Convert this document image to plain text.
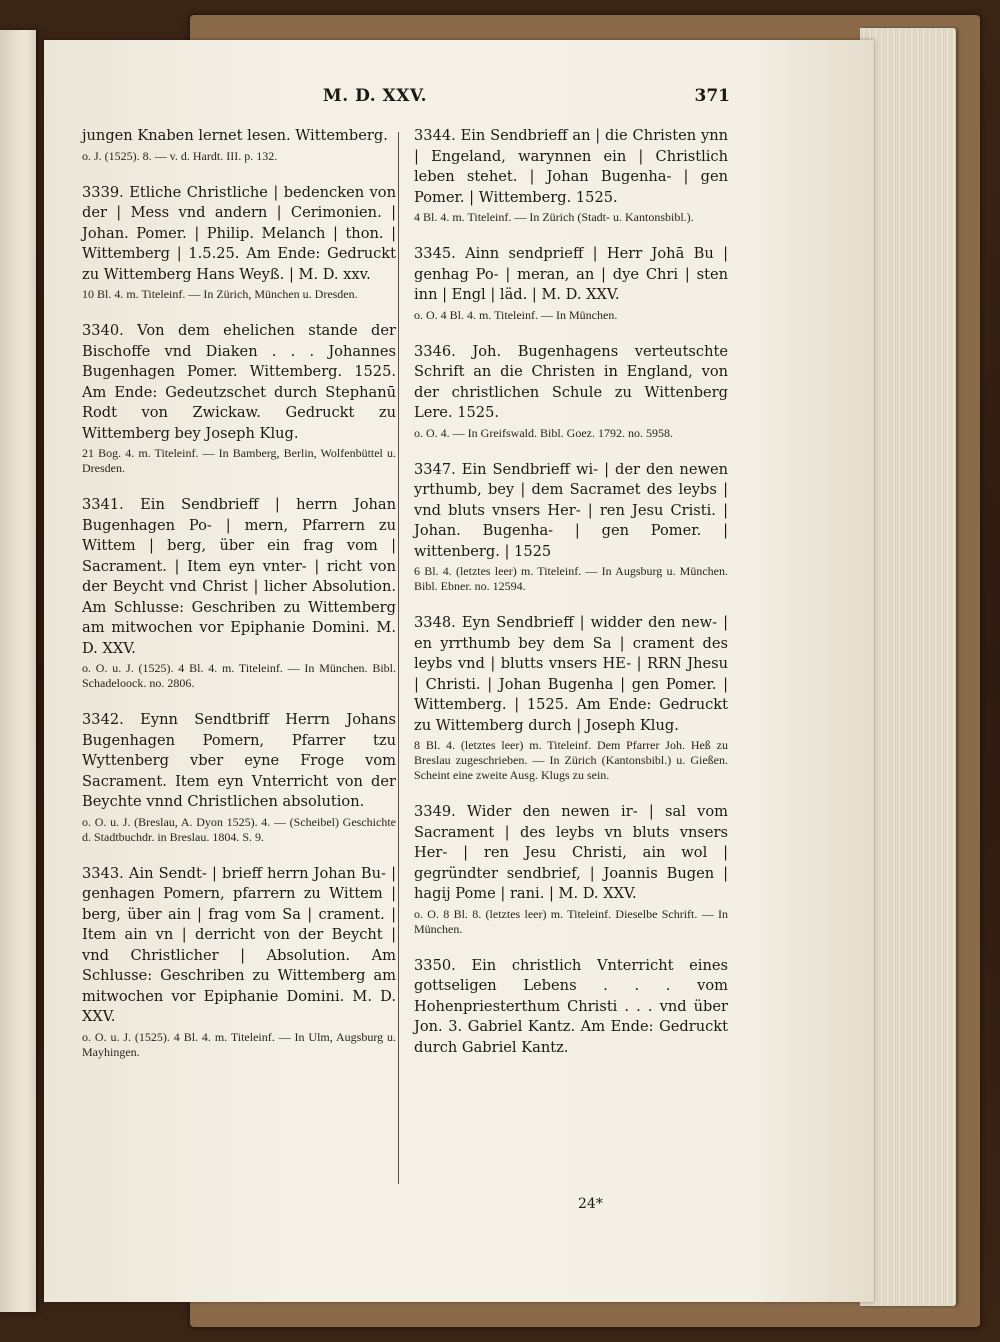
M. D. XXV.	371

jungen Knaben lernet lesen. Wittemberg.

o. J. (1525). 8. — v. d. Hardt. III. p. 132.

3339. Etliche Christliche | bedencken von der | Mess vnd andern | Cerimonien. | Johan. Pomer. | Philip. Melanch | thon. | Wittemberg | 1.5.25. Am Ende: Gedruckt zu Wittemberg Hans Weyß. | M. D. xxv.

10 Bl. 4. m. Titeleinf. — In Zürich, München u. Dresden.

3340. Von dem ehelichen stande der Bischoffe vnd Diaken . . . Johannes Bugenhagen Pomer. Wittemberg. 1525. Am Ende: Gedeutzschet durch Stephanū Rodt von Zwickaw. Gedruckt zu Wittemberg bey Joseph Klug.

21 Bog. 4. m. Titeleinf. — In Bamberg, Berlin, Wolfenbüttel u. Dresden.

3341. Ein Sendbrieff | herrn Johan Bugenhagen Po- | mern, Pfarrern zu Wittem | berg, über ein frag vom | Sacrament. | Item eyn vnter- | richt von der Beycht vnd Christ | licher Absolution. Am Schlusse: Geschriben zu Wittemberg am mitwochen vor Epiphanie Domini. M. D. XXV.

o. O. u. J. (1525). 4 Bl. 4. m. Titeleinf. — In München. Bibl. Schadeloock. no. 2806.

3342. Eynn Sendtbriff Herrn Johans Bugenhagen Pomern, Pfarrer tzu Wyttenberg vber eyne Froge vom Sacrament. Item eyn Vnterricht von der Beychte vnnd Christlichen absolution.

o. O. u. J. (Breslau, A. Dyon 1525). 4. — (Scheibel) Geschichte d. Stadtbuchdr. in Breslau. 1804. S. 9.

3343. Ain Sendt- | brieff herrn Johan Bu- | genhagen Pomern, pfarrern zu Wittem | berg, über ain | frag vom Sa | crament. | Item ain vn | derricht von der Beycht | vnd Christlicher | Absolution. Am Schlusse: Geschriben zu Wittemberg am mitwochen vor Epiphanie Domini. M. D. XXV.

o. O. u. J. (1525). 4 Bl. 4. m. Titeleinf. — In Ulm, Augsburg u. Mayhingen.

3344. Ein Sendbrieff an | die Christen ynn | Engeland, warynnen ein | Christlich leben stehet. | Johan Bugenha- | gen Pomer. | Wittemberg. 1525.

4 Bl. 4. m. Titeleinf. — In Zürich (Stadt- u. Kantonsbibl.).

3345. Ainn sendprieff | Herr Johā Bu | genhag Po- | meran, an | dye Chri | sten inn | Engl | läd. | M. D. XXV.

o. O. 4 Bl. 4. m. Titeleinf. — In München.

3346. Joh. Bugenhagens verteutschte Schrift an die Christen in England, von der christlichen Schule zu Wittenberg Lere. 1525.

o. O. 4. — In Greifswald. Bibl. Goez. 1792. no. 5958.

3347. Ein Sendbrieff wi- | der den newen yrthumb, bey | dem Sacramet des leybs | vnd bluts vnsers Her- | ren Jesu Cristi. | Johan. Bugenha- | gen Pomer. | wittenberg. | 1525

6 Bl. 4. (letztes leer) m. Titeleinf. — In Augsburg u. München. Bibl. Ebner. no. 12594.

3348. Eyn Sendbrieff | widder den new- | en yrrthumb bey dem Sa | crament des leybs vnd | blutts vnsers HE- | RRN Jhesu | Christi. | Johan Bugenha | gen Pomer. | Wittemberg. | 1525. Am Ende: Gedruckt zu Wittemberg durch | Joseph Klug.

8 Bl. 4. (letztes leer) m. Titeleinf. Dem Pfarrer Joh. Heß zu Breslau zugeschrieben. — In Zürich (Kantonsbibl.) u. Gießen. Scheint eine zweite Ausg. Klugs zu sein.

3349. Wider den newen ir- | sal vom Sacrament | des leybs vn bluts vnsers Her- | ren Jesu Christi, ain wol | gegründter sendbrief, | Joannis Bugen | hagij Pome | rani. | M. D. XXV.

o. O. 8 Bl. 8. (letztes leer) m. Titeleinf. Dieselbe Schrift. — In München.

3350. Ein christlich Vnterricht eines gottseligen Lebens . . . vom Hohenpriesterthum Christi . . . vnd über Jon. 3. Gabriel Kantz. Am Ende: Gedruckt durch Gabriel Kantz.

24*
